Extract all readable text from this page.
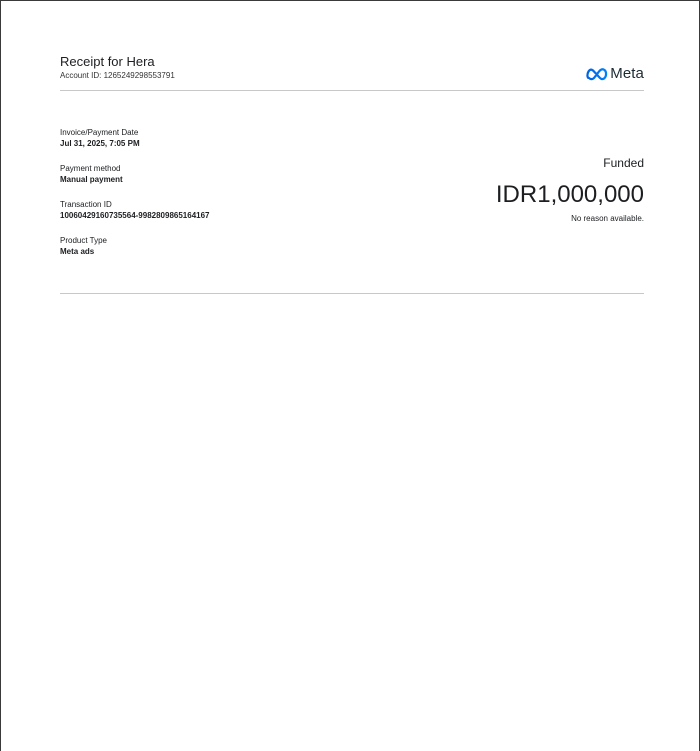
Receipt for Hera
Account ID: 1265249298553791	Meta
Invoice/Payment Date
Jul 31, 2025, 7:05 PM
Payment method
Manual payment
Transaction ID
10060429160735564-9982809865164167
Product Type
Meta ads
Funded
IDR1,000,000
No reason available.
